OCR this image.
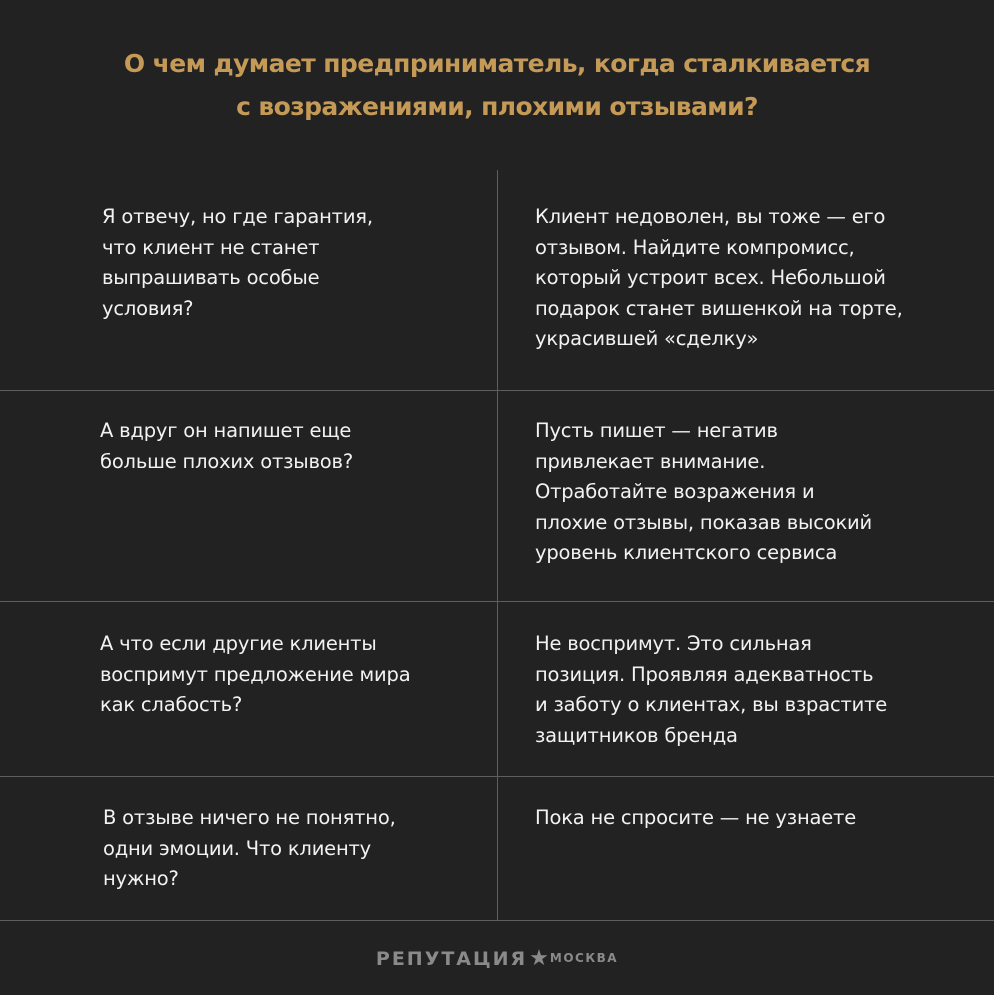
О чем думает предприниматель, когда сталкивается
с возражениями, плохими отзывами?
Я отвечу, но где гарантия,
что клиент не станет
выпрашивать особые
условия?
Клиент недоволен, вы тоже — его
отзывом. Найдите компромисс,
который устроит всех. Небольшой
подарок станет вишенкой на торте,
украсившей «сделку»
А вдруг он напишет еще
больше плохих отзывов?
Пусть пишет — негатив
привлекает внимание.
Отработайте возражения и
плохие отзывы, показав высокий
уровень клиентского сервиса
А что если другие клиенты
воспримут предложение мира
как слабость?
Не воспримут. Это сильная
позиция. Проявляя адекватность
и заботу о клиентах, вы взрастите
защитников бренда
В отзыве ничего не понятно,
одни эмоции. Что клиенту
нужно?
Пока не спросите — не узнаете
РЕПУТАЦИЯ ★ МОСКВА
